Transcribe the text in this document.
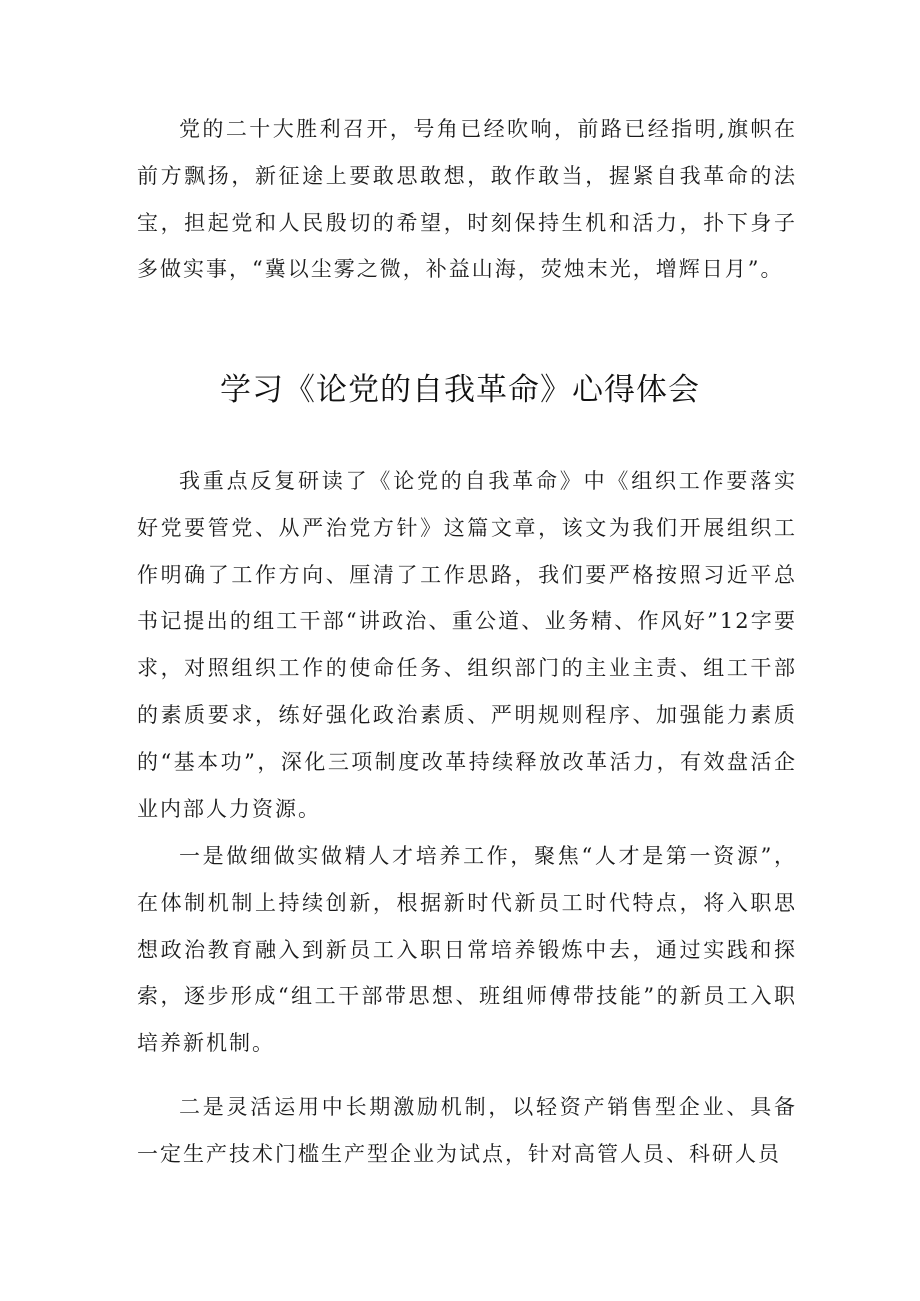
党的二十大胜利召开，号角已经吹响，前路已经指明,旗帜在前方飘扬，新征途上要敢思敢想，敢作敢当，握紧自我革命的法宝，担起党和人民殷切的希望，时刻保持生机和活力，扑下身子多做实事，“冀以尘雾之微，补益山海，荧烛末光，增辉日月”。

学习《论党的自我革命》心得体会

我重点反复研读了《论党的自我革命》中《组织工作要落实好党要管党、从严治党方针》这篇文章，该文为我们开展组织工作明确了工作方向、厘清了工作思路，我们要严格按照习近平总书记提出的组工干部“讲政治、重公道、业务精、作风好”12字要求，对照组织工作的使命任务、组织部门的主业主责、组工干部的素质要求，练好强化政治素质、严明规则程序、加强能力素质的“基本功”，深化三项制度改革持续释放改革活力，有效盘活企业内部人力资源。

一是做细做实做精人才培养工作，聚焦“人才是第一资源”，在体制机制上持续创新，根据新时代新员工时代特点，将入职思想政治教育融入到新员工入职日常培养锻炼中去，通过实践和探索，逐步形成“组工干部带思想、班组师傅带技能”的新员工入职培养新机制。

二是灵活运用中长期激励机制，以轻资产销售型企业、具备一定生产技术门槛生产型企业为试点，针对高管人员、科研人员
